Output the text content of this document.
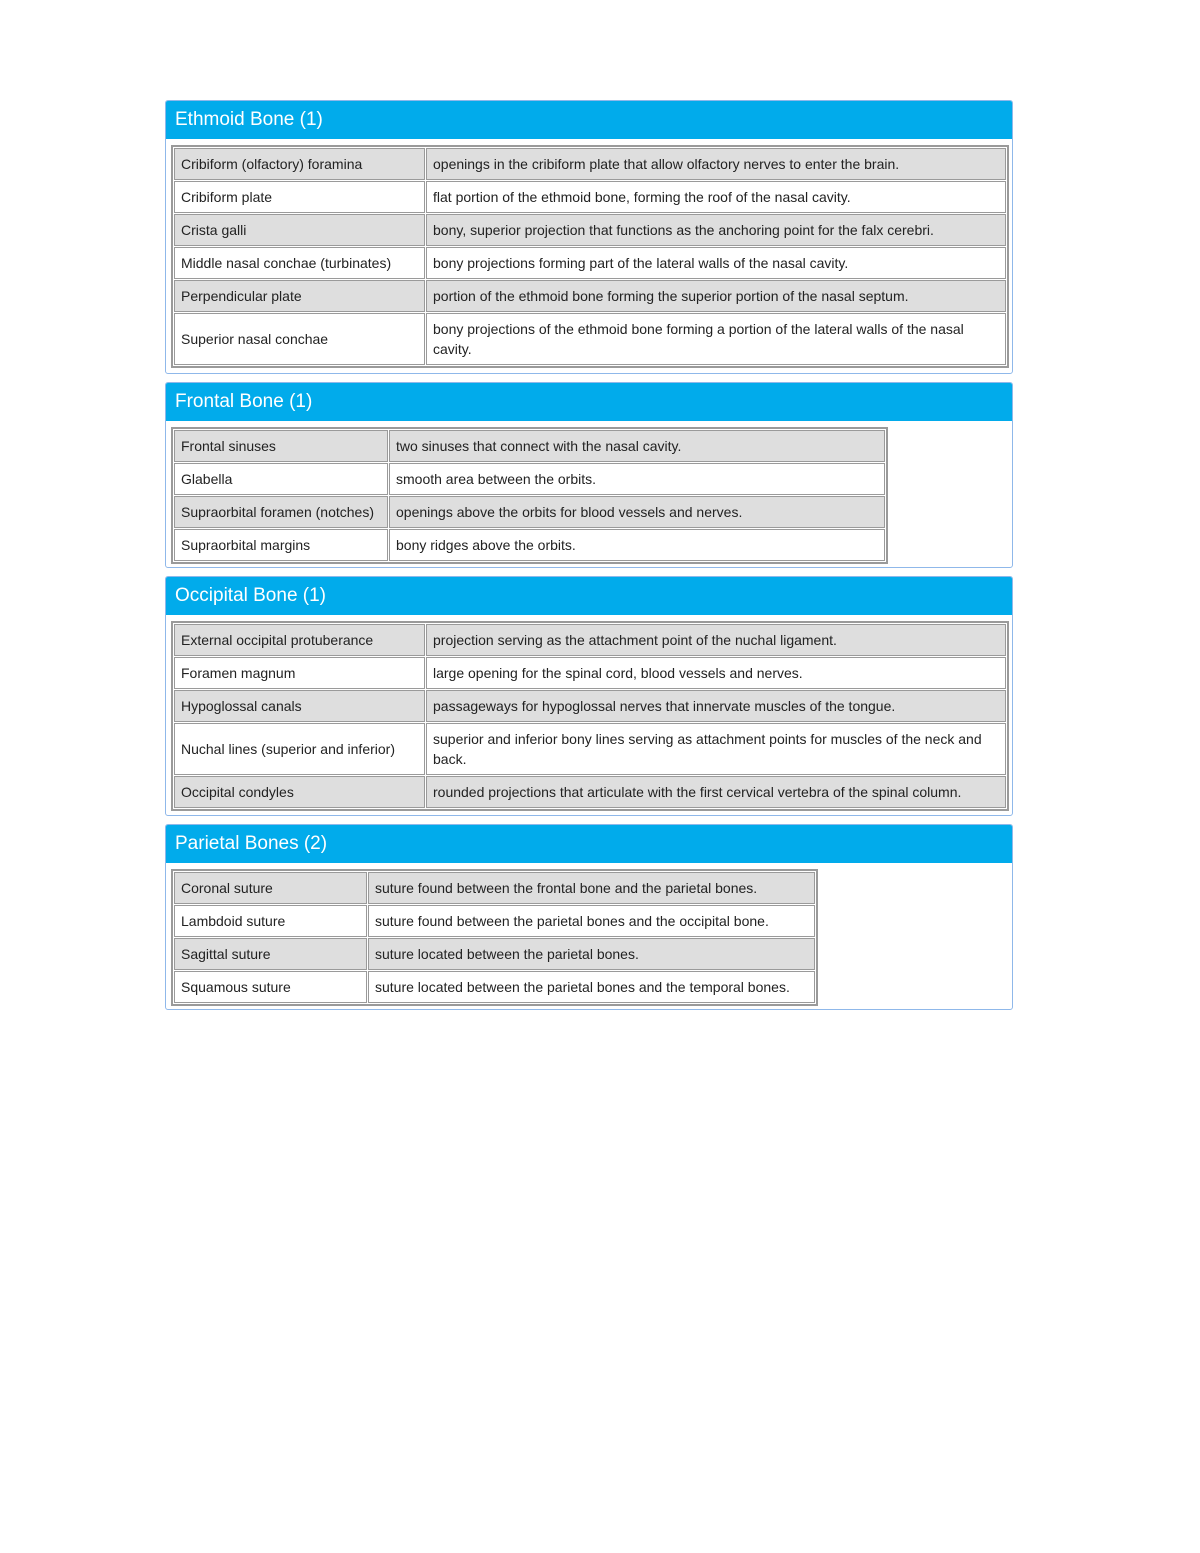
Ethmoid Bone (1)
Cribiform (olfactory) foramina	openings in the cribiform plate that allow olfactory nerves to enter the brain.
Cribiform plate	flat portion of the ethmoid bone, forming the roof of the nasal cavity.
Crista galli	bony, superior projection that functions as the anchoring point for the falx cerebri.
Middle nasal conchae (turbinates)	bony projections forming part of the lateral walls of the nasal cavity.
Perpendicular plate	portion of the ethmoid bone forming the superior portion of the nasal septum.
Superior nasal conchae	bony projections of the ethmoid bone forming a portion of the lateral walls of the nasal cavity.
Frontal Bone (1)
Frontal sinuses	two sinuses that connect with the nasal cavity.
Glabella	smooth area between the orbits.
Supraorbital foramen (notches)	openings above the orbits for blood vessels and nerves.
Supraorbital margins	bony ridges above the orbits.
Occipital Bone (1)
External occipital protuberance	projection serving as the attachment point of the nuchal ligament.
Foramen magnum	large opening for the spinal cord, blood vessels and nerves.
Hypoglossal canals	passageways for hypoglossal nerves that innervate muscles of the tongue.
Nuchal lines (superior and inferior)	superior and inferior bony lines serving as attachment points for muscles of the neck and back.
Occipital condyles	rounded projections that articulate with the first cervical vertebra of the spinal column.
Parietal Bones (2)
Coronal suture	suture found between the frontal bone and the parietal bones.
Lambdoid suture	suture found between the parietal bones and the occipital bone.
Sagittal suture	suture located between the parietal bones.
Squamous suture	suture located between the parietal bones and the temporal bones.
